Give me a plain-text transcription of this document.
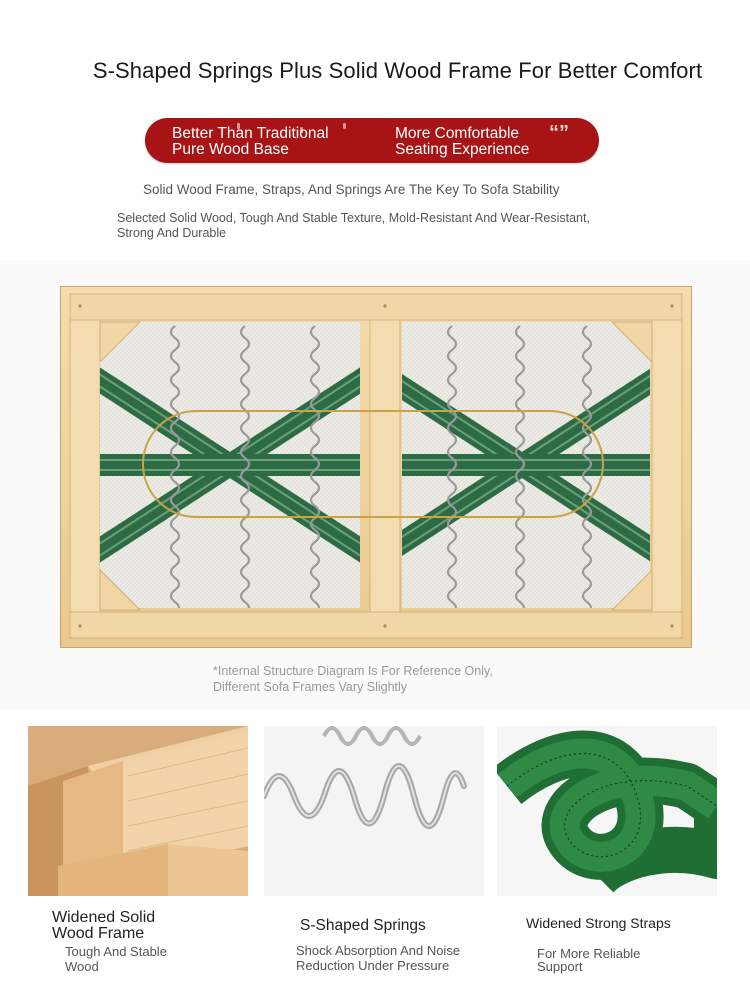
S-Shaped Springs Plus Solid Wood Frame For Better Comfort
Better Than Traditional
Pure Wood Base
More Comfortable
Seating Experience
“”
Solid Wood Frame, Straps, And Springs Are The Key To Sofa Stability
Selected Solid Wood, Tough And Stable Texture, Mold-Resistant And Wear-Resistant,
Strong And Durable
*Internal Structure Diagram Is For Reference Only,
Different Sofa Frames Vary Slightly
Widened Solid
Wood Frame
Tough And Stable
Wood
S-Shaped Springs
Shock Absorption And Noise
Reduction Under Pressure
Widened Strong Straps
For More Reliable
Support
